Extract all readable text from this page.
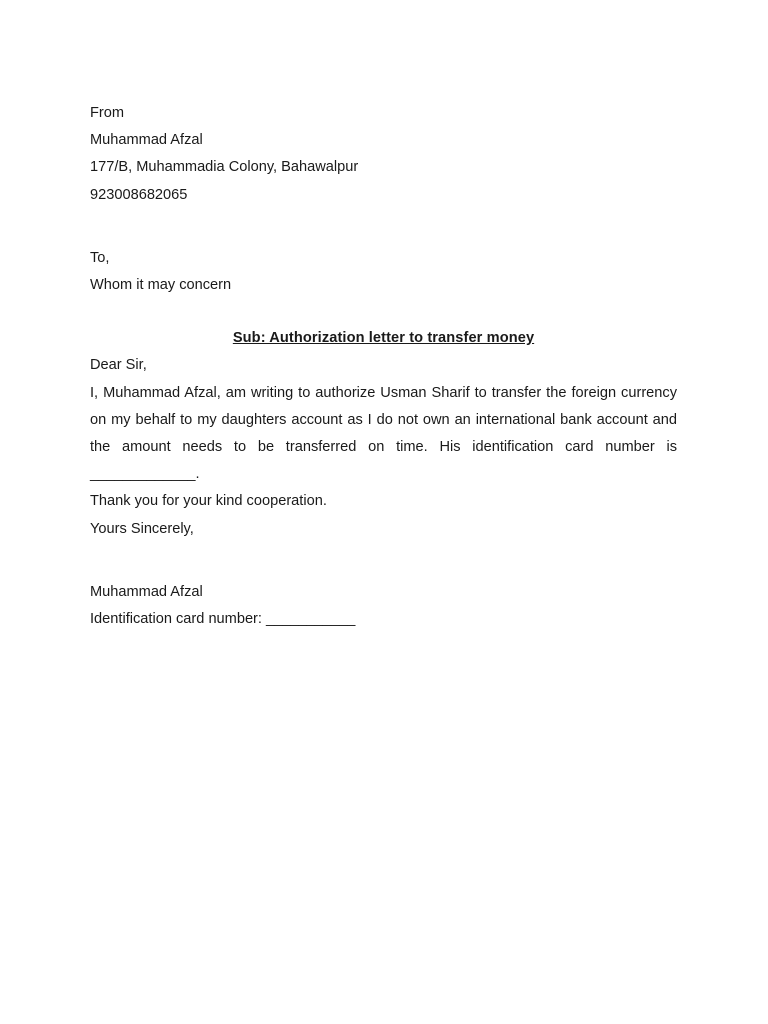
From
Muhammad Afzal
177/B, Muhammadia Colony, Bahawalpur
923008682065
To,
Whom it may concern
Sub: Authorization letter to transfer money
Dear Sir,
I, Muhammad Afzal, am writing to authorize Usman Sharif to transfer the foreign currency on my behalf to my daughters account as I do not own an international bank account and the amount needs to be transferred on time. His identification card number is _____________.
Thank you for your kind cooperation.
Yours Sincerely,
Muhammad Afzal
Identification card number: ___________
